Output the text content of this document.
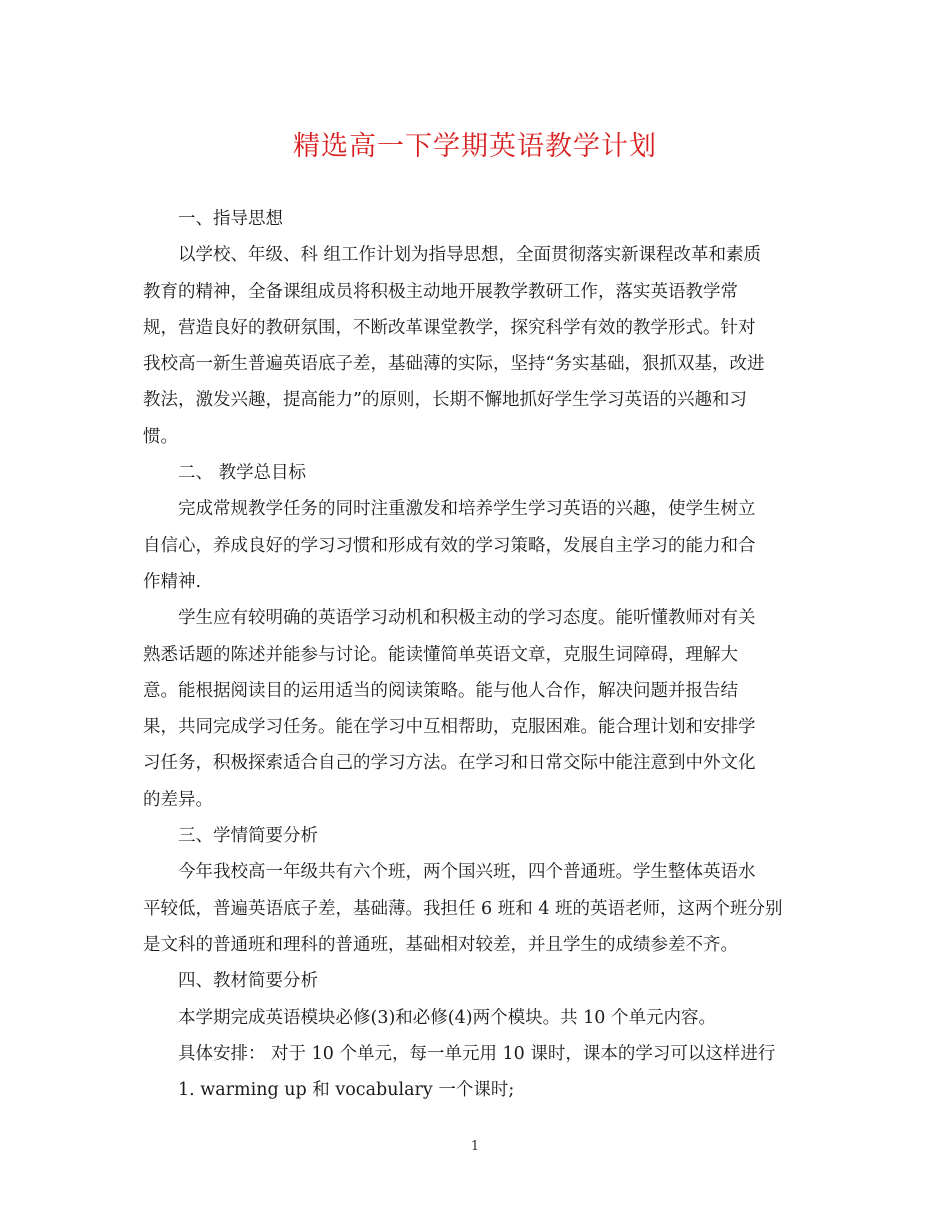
精选高一下学期英语教学计划
一、指导思想
以学校、年级、科 组工作计划为指导思想，全面贯彻落实新课程改革和素质
教育的精神，全备课组成员将积极主动地开展教学教研工作，落实英语教学常
规，营造良好的教研氛围，不断改革课堂教学，探究科学有效的教学形式。针对
我校高一新生普遍英语底子差，基础薄的实际，坚持“务实基础，狠抓双基，改进
教法，激发兴趣，提高能力”的原则，长期不懈地抓好学生学习英语的兴趣和习
惯。
二、 教学总目标
完成常规教学任务的同时注重激发和培养学生学习英语的兴趣，使学生树立
自信心，养成良好的学习习惯和形成有效的学习策略，发展自主学习的能力和合
作精神.
学生应有较明确的英语学习动机和积极主动的学习态度。能听懂教师对有关
熟悉话题的陈述并能参与讨论。能读懂简单英语文章，克服生词障碍，理解大
意。能根据阅读目的运用适当的阅读策略。能与他人合作，解决问题并报告结
果，共同完成学习任务。能在学习中互相帮助，克服困难。能合理计划和安排学
习任务，积极探索适合自己的学习方法。在学习和日常交际中能注意到中外文化
的差异。
三、学情简要分析
今年我校高一年级共有六个班，两个国兴班，四个普通班。学生整体英语水
平较低，普遍英语底子差，基础薄。我担任 6 班和 4 班的英语老师，这两个班分别
是文科的普通班和理科的普通班，基础相对较差，并且学生的成绩参差不齐。
四、教材简要分析
本学期完成英语模块必修(3)和必修(4)两个模块。共 10 个单元内容。
具体安排： 对于 10 个单元，每一单元用 10 课时，课本的学习可以这样进行
1. warming up 和 vocabulary 一个课时;
1
